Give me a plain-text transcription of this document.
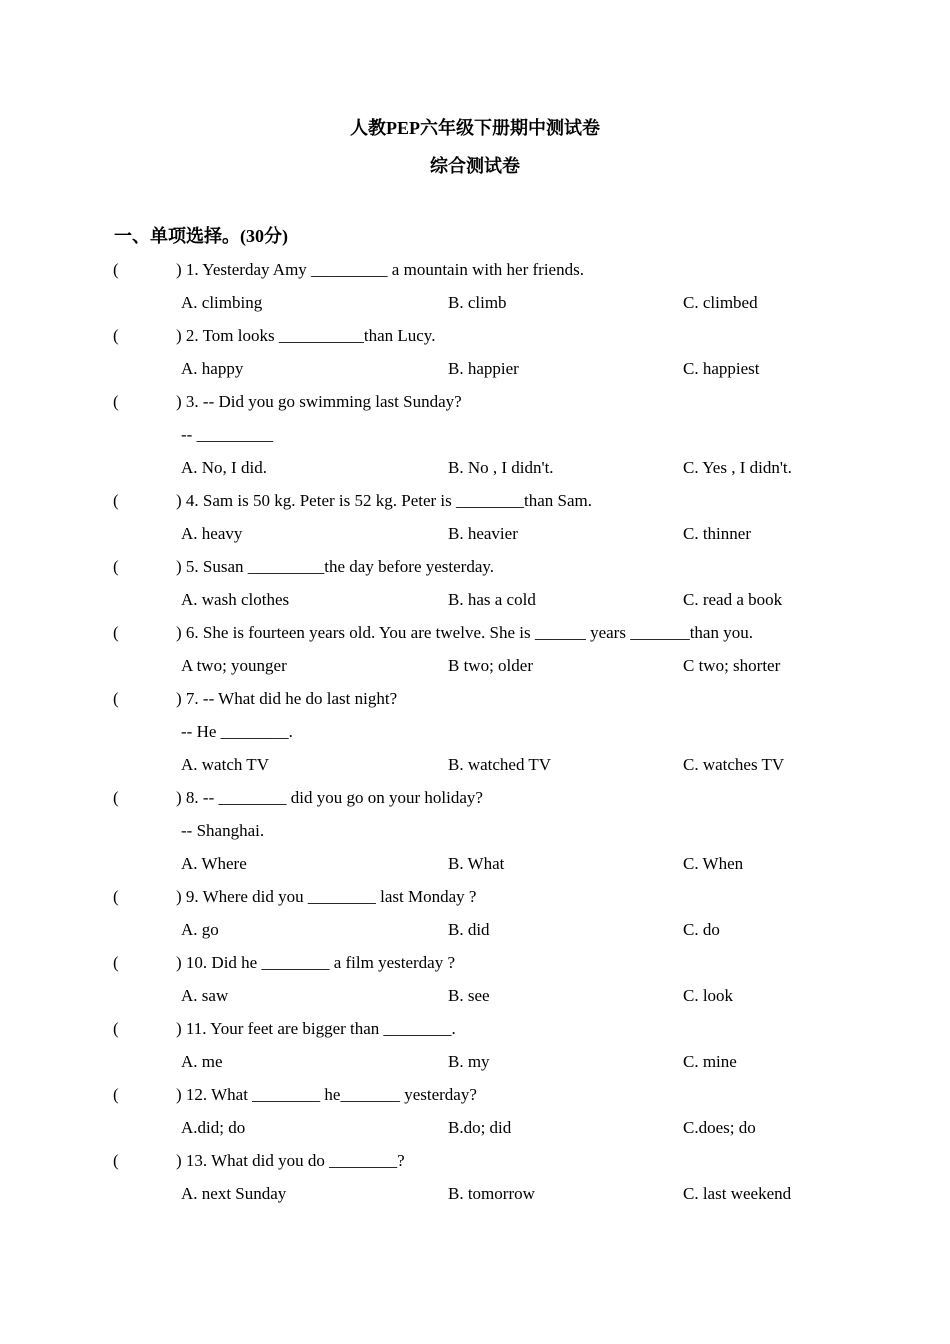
人教PEP六年级下册期中测试卷
综合测试卷
一、单项选择。(30分)
(	) 1. Yesterday Amy _________ a mountain with her friends.
A. climbing	B. climb	C. climbed
(	) 2. Tom looks __________than Lucy.
A. happy	B. happier	C. happiest
(	) 3. -- Did you go swimming last Sunday?
-- _________
A. No, I did.	B. No , I didn't.	C. Yes , I didn't.
(	) 4. Sam is 50 kg. Peter is 52 kg. Peter is ________than Sam.
A. heavy	B. heavier	C. thinner
(	) 5. Susan _________the day before yesterday.
A. wash clothes	B. has a cold	C. read a book
(	) 6. She is fourteen years old. You are twelve. She is ______ years _______than you.
A two; younger	B two; older	C two; shorter
(	) 7. -- What did he do last night?
-- He ________.
A. watch TV	B. watched TV	C. watches TV
(	) 8. -- ________ did you go on your holiday?
-- Shanghai.
A. Where	B. What	C. When
(	) 9. Where did you ________ last Monday ?
A. go	B. did	C. do
(	) 10. Did he ________ a film yesterday ?
A. saw	B. see	C. look
(	) 11. Your feet are bigger than ________.
A. me	B. my	C. mine
(	) 12. What ________ he_______ yesterday?
A.did; do	B.do; did	C.does; do
(	) 13. What did you do ________?
A. next Sunday	B. tomorrow	C. last weekend
